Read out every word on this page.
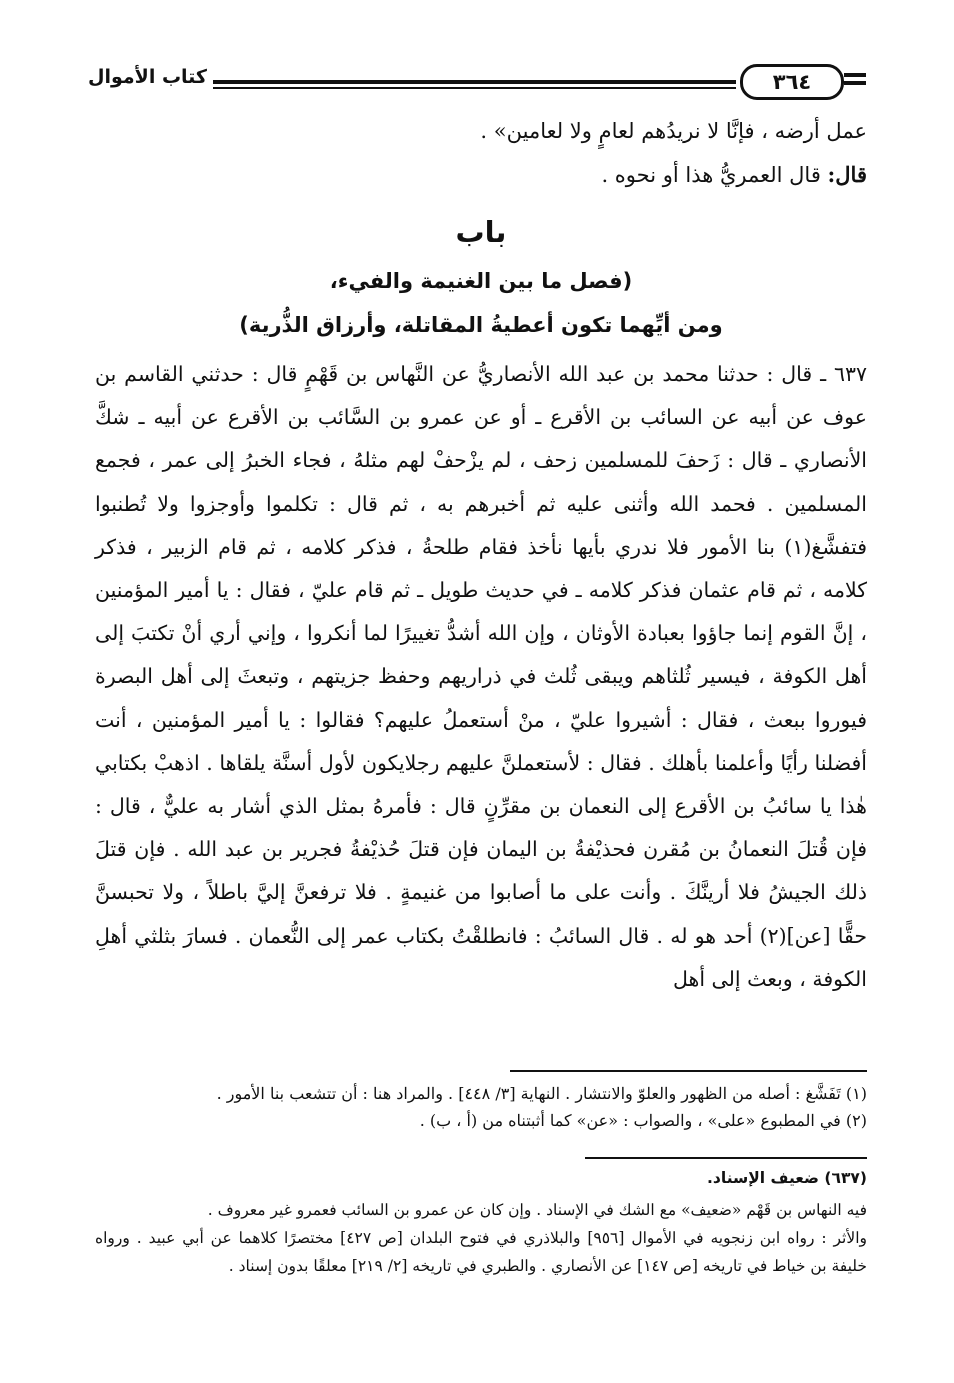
كتاب الأموال	٣٦٤

عمل أرضه ، فإنَّا لا نريدُهم لعامٍ ولا لعامين» .

قال: قال العمريُّ هذا أو نحوه .

باب

(فصل ما بين الغنيمة والفيء،

ومن أيِّهما تكون أعطيةُ المقاتلة، وأرزاق الذُّرية)

٦٣٧ ـ قال : حدثنا محمد بن عبد الله الأنصاريُّ عن النَّهاس بن قَهْمٍ قال : حدثني القاسم بن عوف عن أبيه عن السائب بن الأقرع ـ أو عن عمرو بن السَّائب بن الأقرع عن أبيه ـ شكَّ الأنصاري ـ قال : زَحفَ للمسلمين زحف ، لم يزْحفْ لهم مثلهُ ، فجاء الخبرُ إلى عمر ، فجمع المسلمين . فحمد الله وأثنى عليه ثم أخبرهم به ، ثم قال : تكلموا وأوجزوا ولا تُطنبوا فتفشَّغ(١) بنا الأمور فلا ندري بأيها نأخذ فقام طلحةُ ، فذكر كلامه ، ثم قام الزبير ، فذكر كلامه ، ثم قام عثمان فذكر كلامه ـ في حديث طويل ـ ثم قام عليّ ، فقال : يا أمير المؤمنين ، إنَّ القوم إنما جاؤوا بعبادة الأوثان ، وإن الله أشدُّ تغييرًا لما أنكروا ، وإني أري أنْ تكتبَ إلى أهل الكوفة ، فيسير ثُلثاهم ويبقى ثُلث في ذراريهم وحفظ جزيتهم ، وتبعثَ إلى أهل البصرة فيوروا ببعث ، فقال : أشيروا عليّ ، منْ أستعملُ عليهم؟ فقالوا : يا أمير المؤمنين ، أنت أفضلنا رأيًا وأعلمنا بأهلك . فقال : لأستعملنَّ عليهم رجلايكون لأول أسنَّة يلقاها . اذهبْ بكتابي هٰذا يا سائبُ بن الأقرع إلى النعمان بن مقرِّنٍ قال : فأمرهُ بمثل الذي أشار به عليٌّ ، قال : فإن قُتلَ النعمانُ بن مُقرن فحذيْفةُ بن اليمان فإن قتلَ حُذيْفةُ فجرير بن عبد الله . فإن قتلَ ذلك الجيشُ فلا أرينَّكَ . وأنت على ما أصابوا من غنيمةٍ . فلا ترفعنَّ إليَّ باطلاً ، ولا تحبسنَّ حقًّا [عن](٢) أحد هو له . قال السائبُ : فانطلقْتُ بكتاب عمر إلى النُّعمان . فسارَ بثلثي أهلِ الكوفة ، وبعث إلى أهل

(١) تَفَشَّغ : أصله من الظهور والعلوّ والانتشار . النهاية [٣/ ٤٤٨] . والمراد هنا : أن تتشعب بنا الأمور .

(٢) في المطبوع «على» ، والصواب : «عن» كما أثبتناه من (أ ، ب) .

(٦٣٧) ضعيف الإسناد.

فيه النهاس بن قَهْم «ضعيف» مع الشك في الإسناد . وإن كان عن عمرو بن السائب فعمرو غير معروف .

والأثر : رواه ابن زنجويه في الأموال [٩٥٦] والبلاذري في فتوح البلدان [ص ٤٢٧] مختصرًا كلاهما عن أبي عبيد . ورواه خليفة بن خياط في تاريخه [ص ١٤٧] عن الأنصاري . والطبري في تاريخه [٢/ ٢١٩] معلقًا بدون إسناد .
